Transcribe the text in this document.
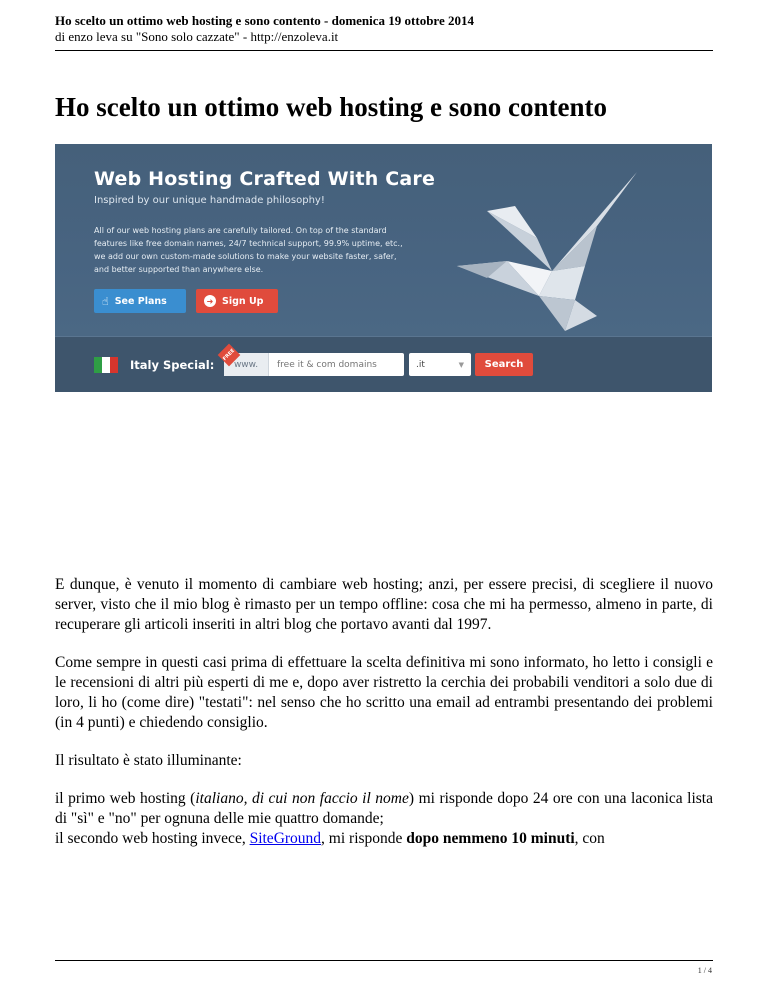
Ho scelto un ottimo web hosting e sono contento - domenica 19 ottobre 2014
di enzo leva su "Sono solo cazzate" - http://enzoleva.it
Ho scelto un ottimo web hosting e sono contento
Web Hosting Crafted With Care
Inspired by our unique handmade philosophy!
All of our web hosting plans are carefully tailored. On top of the standard features like free domain names, 24/7 technical support, 99.9% uptime, etc., we add our own custom-made solutions to make your website faster, safer, and better supported than anywhere else.
☝ See Plans	➜ Sign Up
Italy Special:	www.
free it & com domains
FREE
.it	▼	Search

E dunque, è venuto il momento di cambiare web hosting; anzi, per essere precisi, di scegliere il nuovo server, visto che il mio blog è rimasto per un tempo offline: cosa che mi ha permesso, almeno in parte, di recuperare gli articoli inseriti in altri blog che portavo avanti dal 1997.

Come sempre in questi casi prima di effettuare la scelta definitiva mi sono informato, ho letto i consigli e le recensioni di altri più esperti di me e, dopo aver ristretto la cerchia dei probabili venditori a solo due di loro, li ho (come dire) "testati": nel senso che ho scritto una email ad entrambi presentando dei problemi (in 4 punti) e chiedendo consiglio.

Il risultato è stato illuminante:

il primo web hosting (italiano, di cui non faccio il nome) mi risponde dopo 24 ore con una laconica lista di "sì" e "no" per ognuna delle mie quattro domande;
il secondo web hosting invece, SiteGround, mi risponde dopo nemmeno 10 minuti, con

1 / 4
